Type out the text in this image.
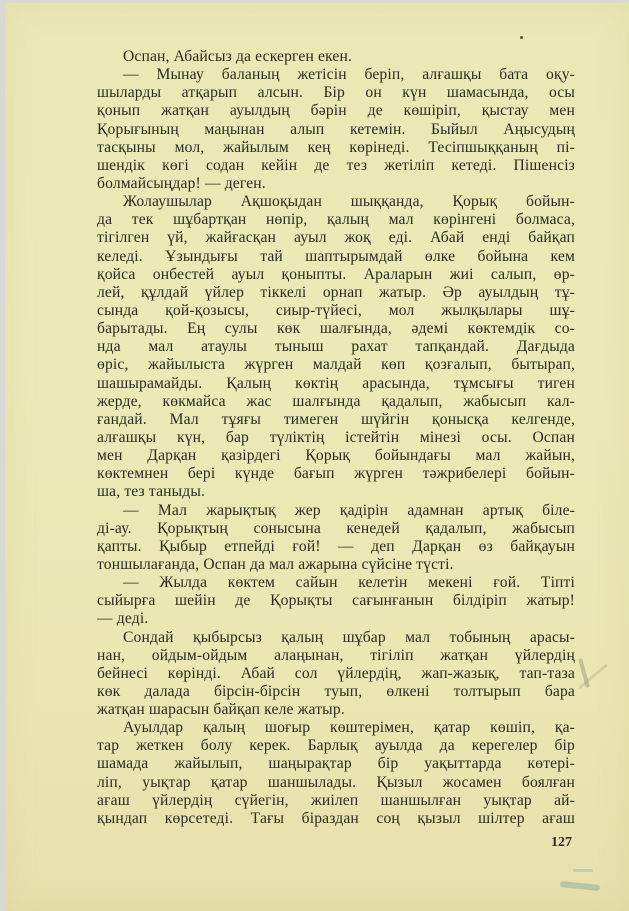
Оспан, Абайсыз да ескерген екен.
— Мынау баланың жетісін беріп, алғашқы бата оқу-
шыларды атқарып алсын. Бір он күн шамасында, осы
қонып жатқан ауылдың бәрін де көшіріп, қыстау мен
Қорығының маңынан алып кетемін. Быйыл Аңысудың
тасқыны мол, жайылым кең көрінеді. Тесіпшыққаның пі-
шендік көгі содан кейін де тез жетіліп кетеді. Пішенсіз
болмайсыңдар! — деген.
Жолаушылар Ақшоқыдан шыққанда, Қорық бойын-
да тек шұбартқан нөпір, қалың мал көрінгені болмаса,
тігілген үй, жайғасқан ауыл жоқ еді. Абай енді байқап
келеді. Ұзындығы тай шаптырымдай өлке бойына кем
қойса онбестей ауыл қоныпты. Араларын жиі салып, өр-
лей, құлдай үйлер тіккелі орнап жатыр. Әр ауылдың тұ-
сында қой-қозысы, сиыр-түйесі, мол жылқылары шұ-
барытады. Ең сулы көк шалғында, әдемі көктемдік со-
нда мал атаулы тыныш рахат тапқандай. Дағдыда
өріс, жайылыста жүрген малдай көп қозғалып, бытырап,
шашырамайды. Қалың көктің арасында, тұмсығы тиген
жерде, көкмайса жас шалғында қадалып, жабысып кал-
ғандай. Мал тұяғы тимеген шүйгін қонысқа келгенде,
алғашқы күн, бар түліктің істейтін мінезі осы. Оспан
мен Дарқан қазірдегі Қорық бойындағы мал жайын,
көктемнен бері күнде бағып жүрген тәжрибелері бойын-
ша, тез таныды.
— Мал жарықтық жер қадірін адамнан артық біле-
ді-ау. Қорықтың сонысына кенедей қадалып, жабысып
қапты. Қыбыр етпейді ғой! — деп Дарқан өз байқауын
тоншылағанда, Оспан да мал ажарына сүйсіне түсті.
— Жылда көктем сайын келетін мекені ғой. Тіпті
сыйырға шейін де Қорықты сағынғанын білдіріп жатыр!
— деді.
Сондай қыбырсыз қалың шұбар мал тобының арасы-
нан, ойдым-ойдым алаңынан, тігіліп жатқан үйлердің
бейнесі көрінді. Абай сол үйлердің, жап-жазық, тап-таза
көк далада бірсін-бірсін туып, өлкені толтырып бара
жатқан шарасын байқап келе жатыр.
Ауылдар қалың шоғыр көштерімен, қатар көшіп, қа-
тар жеткен болу керек. Барлық ауылда да керегелер бір
шамада жайылып, шаңырақтар бір уақыттарда көтері-
ліп, уықтар қатар шаншылады. Қызыл жосамен боялған
ағаш үйлердің сүйегін, жиілеп шаншылған уықтар ай-
қындап көрсетеді. Тағы біраздан соң қызыл шілтер ағаш
127
